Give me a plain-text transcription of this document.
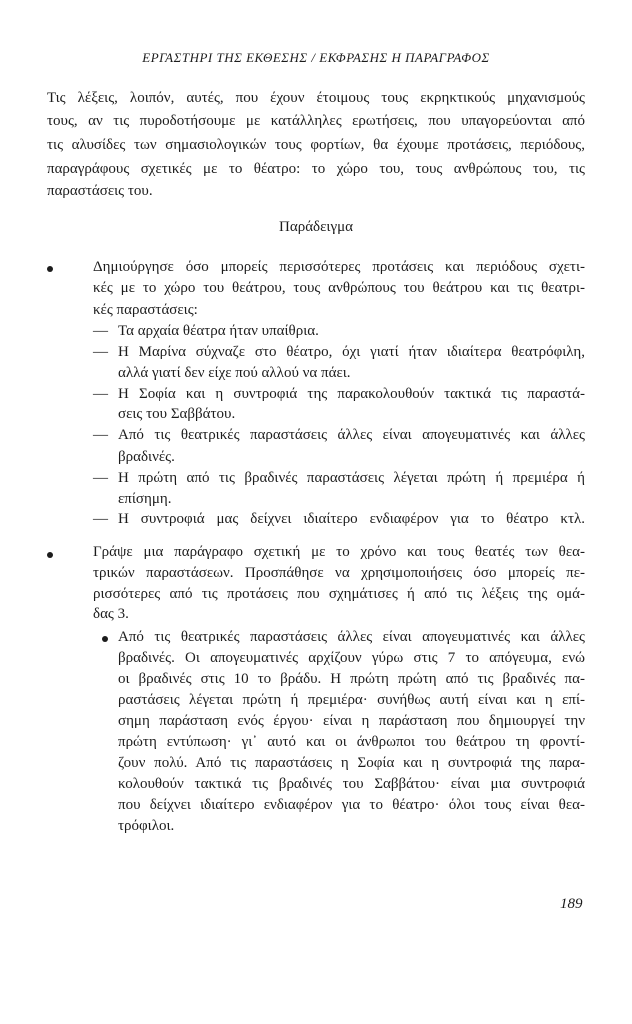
ΕΡΓΑΣΤΗΡΙ ΤΗΣ ΕΚΘΕΣΗΣ / ΕΚΦΡΑΣΗΣ Η ΠΑΡΑΓΡΑΦΟΣ
Τις λέξεις, λοιπόν, αυτές, που έχουν έτοιμους τους εκρηκτικούς μηχανισμούς
τους, αν τις πυροδοτήσουμε με κατάλληλες ερωτήσεις, που υπαγορεύονται από
τις αλυσίδες των σημασιολογικών τους φορτίων, θα έχουμε προτάσεις, περιόδους,
παραγράφους σχετικές με το θέατρο: το χώρο του, τους ανθρώπους του, τις
παραστάσεις του.
Παράδειγμα
Δημιούργησε όσο μπορείς περισσότερες προτάσεις και περιόδους σχετι-
κές με το χώρο του θεάτρου, τους ανθρώπους του θεάτρου και τις θεατρι-
κές παραστάσεις:
— Τα αρχαία θέατρα ήταν υπαίθρια.
— Η Μαρίνα σύχναζε στο θέατρο, όχι γιατί ήταν ιδιαίτερα θεατρόφιλη,
αλλά γιατί δεν είχε πού αλλού να πάει.
— Η Σοφία και η συντροφιά της παρακολουθούν τακτικά τις παραστά-
σεις του Σαββάτου.
— Από τις θεατρικές παραστάσεις άλλες είναι απογευματινές και άλλες
βραδινές.
— Η πρώτη από τις βραδινές παραστάσεις λέγεται πρώτη ή πρεμιέρα ή
επίσημη.
— Η συντροφιά μας δείχνει ιδιαίτερο ενδιαφέρον για το θέατρο κτλ.
Γράψε μια παράγραφο σχετική με το χρόνο και τους θεατές των θεα-
τρικών παραστάσεων. Προσπάθησε να χρησιμοποιήσεις όσο μπορείς πε-
ρισσότερες από τις προτάσεις που σχημάτισες ή από τις λέξεις της ομά-
δας 3.
Από τις θεατρικές παραστάσεις άλλες είναι απογευματινές και άλλες
βραδινές. Οι απογευματινές αρχίζουν γύρω στις 7 το απόγευμα, ενώ
οι βραδινές στις 10 το βράδυ. Η πρώτη πρώτη από τις βραδινές πα-
ραστάσεις λέγεται πρώτη ή πρεμιέρα· συνήθως αυτή είναι και η επί-
σημη παράσταση ενός έργου· είναι η παράσταση που δημιουργεί την
πρώτη εντύπωση· γι᾽ αυτό και οι άνθρωποι του θεάτρου τη φροντί-
ζουν πολύ. Από τις παραστάσεις η Σοφία και η συντροφιά της παρα-
κολουθούν τακτικά τις βραδινές του Σαββάτου· είναι μια συντροφιά
που δείχνει ιδιαίτερο ενδιαφέρον για το θέατρο· όλοι τους είναι θεα-
τρόφιλοι.
189
